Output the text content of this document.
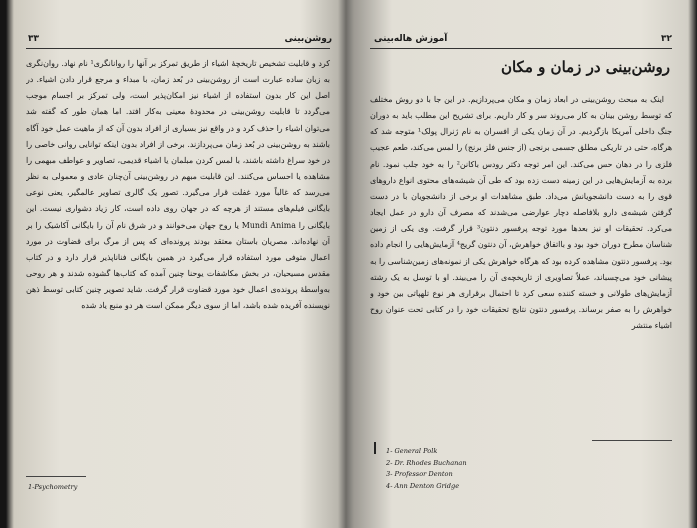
۳۳	روشن‌بینی

کرد و قابلیت تشخیص تاریخچهٔ اشیاء از طریق تمرکز بر آنها را روانانگری¹ نام نهاد. روان‌نگری به زبان ساده عبارت است از روشن‌بینی در بُعد زمان، با مبداء و مرجع قرار دادن اشیاء. در اصل این کار بدون استفاده از اشیاء نیز امکان‌پذیر است، ولی تمرکز بر اجسام موجب می‌گردد تا قابلیت روشن‌بینی در محدودهٔ معینی به‌کار افتد. اما همان طور که گفته شد می‌توان اشیاء را حذف کرد و در واقع نیز بسیاری از افراد بدون آن که از ماهیت عمل خود آگاه باشند به روشن‌بینی در بُعد زمان می‌پردازند. برخی از افراد بدون اینکه توانایی روانی خاصی را در خود سراغ داشته باشند، با لمس کردن مبلمان یا اشیاء قدیمی، تصاویر و عواطف مبهمی را مشاهده یا احساس می‌کنند. این قابلیت مبهم در روشن‌بینی آن‌چنان عادی و معمولی به نظر می‌رسد که غالباً مورد غفلت قرار می‌گیرد. تصور یک گالری تصاویر عالمگیر، یعنی نوعی بایگانی فیلم‌های مستند از هرچه که در جهان روی داده است، کار زیاد دشواری نیست. این بایگانی را Mundi Anima یا روح جهان می‌خوانند و در شرق نام آن را بایگانی آکاشیک را بر آن نهاده‌اند. مصریان باستان معتقد بودند پرونده‌ای که پس از مرگ برای قضاوت در مورد اعمال متوفی مورد استفاده قرار می‌گیرد در همین بایگانی فنانا‌پذیر قرار دارد و در کتاب مقدس مسیحیان، در بخش مکاشفات یوحنا چنین آمده که کتاب‌ها گشوده شدند و هر روحی به‌واسطهٔ پرونده‌ی اعمال خود مورد قضاوت قرار گرفت. شاید تصویر چنین کتابی توسط ذهن نویسنده آفریده شده باشد، اما از سوی دیگر ممکن است هر دو منبع یاد شده

1-Psychometry
آموزش هاله‌بینی	۳۲
روشن‌بینی در زمان و مکان

اینک به مبحث روشن‌بینی در ابعاد زمان و مکان می‌پردازیم. در این جا با دو روش مختلف که توسط روشن بینان به کار می‌روند سر و کار داریم. برای تشریح این مطلب باید به دوران جنگ داخلی آمریکا بازگردیم. در آن زمان یکی از افسران به نام ژنرال پولک¹ متوجه شد که هرگاه، حتی در تاریکی مطلق جسمی برنجی (از جنس فلز برنج) را لمس می‌کند، طعم عجیب فلزی را در دهان حس می‌کند. این امر توجه دکتر رودس باکانن² را به خود جلب نمود. نام برده به آزمایش‌هایی در این زمینه دست زده بود که طی آن شیشه‌های محتوی انواع داروهای قوی را به دست دانشجویانش می‌داد. طبق مشاهدات او برخی از دانشجویان با در دست گرفتن شیشه‌ی دارو بلافاصله دچار عوارضی می‌شدند که مصرف آن دارو در عمل ایجاد می‌کرد. تحقیقات او نیز بعدها مورد توجه پرفسور دنتون³ قرار گرفت. وی یکی از زمین شناسان مطرح دوران خود بود و بااتفاق خواهرش، آن دنتون گریج⁴ آزمایش‌هایی را انجام داده بود. پرفسور دنتون مشاهده کرده بود که هرگاه خواهرش یکی از نمونه‌های زمین‌شناسی را به پیشانی خود می‌چسباند، عملاً تصاویری از تاریخچه‌ی آن را می‌بیند. او با توسل به یک رشته آزمایش‌های طولانی و خسته کننده سعی کرد تا احتمال برقراری هر نوع تلهپاتی بین خود و خواهرش را به صفر برساند. پرفسور دنتون نتایج تحقیقات خود را در کتابی تحت عنوان روح اشیاء منتشر

1- General Polk
2- Dr. Rhodes Buchanan
3- Professor Denton
4- Ann Denton Gridge
